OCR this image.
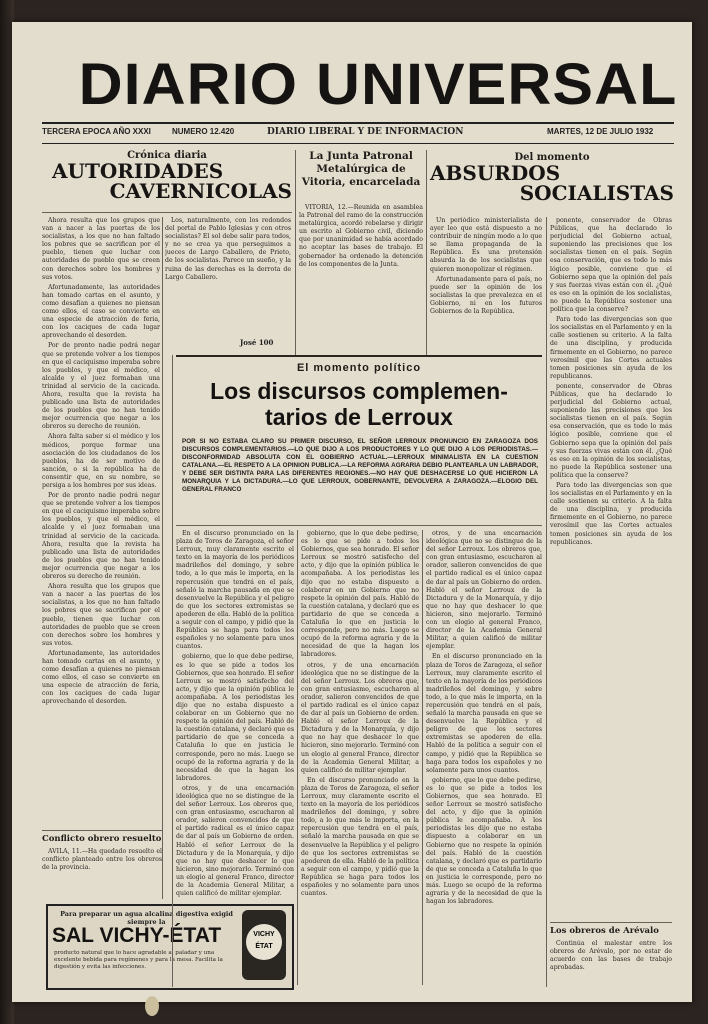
DIARIO UNIVERSAL
TERCERA EPOCA AÑO XXXI	NUMERO 12.420	DIARIO LIBERAL Y DE INFORMACION	MARTES, 12 DE JULIO 1932
Crónica diaria
AUTORIDADES
CAVERNICOLAS

Ahora resulta que los grupos que van a nacer a las puertas de los socialistas, a los que no han faltado los pobres que se sacrifican por el pueblo, tienen que luchar con autoridades de pueblo que se creen con derechos sobre los hombres y sus votos.

Afortunadamente, las autoridades han tomado cartas en el asunto, y como desafían a quienes no piensan como ellos, el caso se convierte en una especie de atracción de feria, con los caciques de cada lugar aprovechando el desorden.

Por de pronto nadie podrá negar que se pretende volver a los tiempos en que el caciquismo imperaba sobre los pueblos, y que el médico, el alcalde y el juez formaban una trinidad al servicio de la cacicada. Ahora, resulta que la revista ha publicado una lista de autoridades de los pueblos que no han tenido mejor ocurrencia que negar a los obreros su derecho de reunión.

Ahora falta saber si el médico y los médicos, porque formar una asociación de los ciudadanos de los pueblos, ha de ser motivo de sanción, o si la república ha de consentir que, en su nombre, se persiga a los hombres por sus ideas.

Por de pronto nadie podrá negar que se pretende volver a los tiempos en que el caciquismo imperaba sobre los pueblos, y que el médico, el alcalde y el juez formaban una trinidad al servicio de la cacicada. Ahora, resulta que la revista ha publicado una lista de autoridades de los pueblos que no han tenido mejor ocurrencia que negar a los obreros su derecho de reunión.

Ahora resulta que los grupos que van a nacer a las puertas de los socialistas, a los que no han faltado los pobres que se sacrifican por el pueblo, tienen que luchar con autoridades de pueblo que se creen con derechos sobre los hombres y sus votos.

Afortunadamente, las autoridades han tomado cartas en el asunto, y como desafían a quienes no piensan como ellos, el caso se convierte en una especie de atracción de feria, con los caciques de cada lugar aprovechando el desorden.

Los, naturalmente, con los redondos del portal de Pablo Iglesias y con otros socialistas? El sol debe salir para todos, y no se crea ya que perseguimos a jueces de Largo Caballero, de Prieto, de los socialistas. Parece un sueño, y la ruina de las derechas es la derrota de Largo Caballero.

José 100
Conflicto obrero resuelto

AVILA, 11.—Ha quedado resuelto el conflicto planteado entre los obreros de la provincia.

Para preparar un agua alcalina digestiva exigid siempre la
SAL VICHY-ÉTAT
producto natural que lo hace agradable al paladar y una excelente bebida para regímenes y para la mesa. Facilita la digestión y evita las infecciones.
VICHY
ÉTAT
La Junta Patronal Metalúrgica de Vitoria, encarcelada

VITORIA, 12.—Reunida en asamblea la Patronal del ramo de la construcción metalúrgica, acordó rebelarse y dirigir un escrito al Gobierno civil, diciendo que por unanimidad se había acordado no aceptar las bases de trabajo. El gobernador ha ordenado la detención de los componentes de la Junta.

Del momento
ABSURDOS
SOCIALISTAS

Un periódico ministerialista de ayer leo que está dispuesto a no contribuir de ningún modo a lo que se llama propaganda de la República. Es una pretensión absurda la de los socialistas que quieren monopolizar el régimen.

Afortunadamente para el país, no puede ser la opinión de los socialistas la que prevalezca en el Gobierno, ni en los futuros Gobiernos de la República.

ponente, conservador de Obras Públicas, que ha declarado lo perjudicial del Gobierno actual, suponiendo las precisiones que los socialistas tienen en el país. Según esa conservación, que es todo lo más lógico posible, conviene que el Gobierno sepa que la opinión del país y sus fuerzas vivas están con él. ¿Qué es eso en la opinión de los socialistas, no puede la República sostener una política que la conserve?

Para todo las divergencias son que los socialistas en el Parlamento y en la calle sostienen su criterio. A la falta de una disciplina, y producida firmemente en el Gobierno, no parece verosímil que las Cortes actuales tomen posiciones sin ayuda de los republicanos.

ponente, conservador de Obras Públicas, que ha declarado lo perjudicial del Gobierno actual, suponiendo las precisiones que los socialistas tienen en el país. Según esa conservación, que es todo lo más lógico posible, conviene que el Gobierno sepa que la opinión del país y sus fuerzas vivas están con él. ¿Qué es eso en la opinión de los socialistas, no puede la República sostener una política que la conserve?

Para todo las divergencias son que los socialistas en el Parlamento y en la calle sostienen su criterio. A la falta de una disciplina, y producida firmemente en el Gobierno, no parece verosímil que las Cortes actuales tomen posiciones sin ayuda de los republicanos.

Los obreros de Arévalo

Continúa el malestar entre los obreros de Arévalo, por no estar de acuerdo con las bases de trabajo aprobadas.

El momento político
Los discursos complemen-
tarios de Lerroux
POR SI NO ESTABA CLARO SU PRIMER DISCURSO, EL SEÑOR LERROUX PRONUNCIO EN ZARAGOZA DOS DISCURSOS COMPLEMENTARIOS.—LO QUE DIJO A LOS PRODUCTORES Y LO QUE DIJO A LOS PERIODISTAS.—DISCONFORMIDAD ABSOLUTA CON EL GOBIERNO ACTUAL.—LERROUX MINIMALISTA EN LA CUESTION CATALANA.—EL RESPETO A LA OPINION PUBLICA.—LA REFORMA AGRARIA DEBIO PLANTEARLA UN LABRADOR, Y DEBE SER DISTINTA PARA LAS DIFERENTES REGIONES.—NO HAY QUE DESHACERSE LO QUE HICIERON LA MONARQUIA Y LA DICTADURA.—LO QUE LERROUX, GOBERNANTE, DEVOLVERA A ZARAGOZA.—ELOGIO DEL GENERAL FRANCO

En el discurso pronunciado en la plaza de Toros de Zaragoza, el señor Lerroux, muy claramente escrito el texto en la mayoría de los periódicos madrileños del domingo, y sobre todo, a lo que más le importa, en la repercusión que tendrá en el país, señaló la marcha pausada en que se desenvuelve la República y el peligro de que los sectores extremistas se apoderen de ella. Habló de la política a seguir con el campo, y pidió que la República se haga para todos los españoles y no solamente para unos cuantos.

gobierno, que lo que debe pedirse, es lo que se pide a todos los Gobiernos, que sea honrado. El señor Lerroux se mostró satisfecho del acto, y dijo que la opinión pública le acompañaba. A los periodistas les dijo que no estaba dispuesto a colaborar en un Gobierno que no respete la opinión del país. Habló de la cuestión catalana, y declaró que es partidario de que se conceda a Cataluña lo que en justicia le corresponde, pero no más. Luego se ocupó de la reforma agraria y de la necesidad de que la hagan los labradores.

otros, y de una encarnación ideológica que no se distingue de la del señor Lerroux. Los obreros que, con gran entusiasmo, escucharon al orador, salieron convencidos de que el partido radical es el único capaz de dar al país un Gobierno de orden. Habló el señor Lerroux de la Dictadura y de la Monarquía, y dijo que no hay que deshacer lo que hicieron, sino mejorarlo. Terminó con un elogio al general Franco, director de la Academia General Militar, a quien calificó de militar ejemplar.

gobierno, que lo que debe pedirse, es lo que se pide a todos los Gobiernos, que sea honrado. El señor Lerroux se mostró satisfecho del acto, y dijo que la opinión pública le acompañaba. A los periodistas les dijo que no estaba dispuesto a colaborar en un Gobierno que no respete la opinión del país. Habló de la cuestión catalana, y declaró que es partidario de que se conceda a Cataluña lo que en justicia le corresponde, pero no más. Luego se ocupó de la reforma agraria y de la necesidad de que la hagan los labradores.

otros, y de una encarnación ideológica que no se distingue de la del señor Lerroux. Los obreros que, con gran entusiasmo, escucharon al orador, salieron convencidos de que el partido radical es el único capaz de dar al país un Gobierno de orden. Habló el señor Lerroux de la Dictadura y de la Monarquía, y dijo que no hay que deshacer lo que hicieron, sino mejorarlo. Terminó con un elogio al general Franco, director de la Academia General Militar, a quien calificó de militar ejemplar.

En el discurso pronunciado en la plaza de Toros de Zaragoza, el señor Lerroux, muy claramente escrito el texto en la mayoría de los periódicos madrileños del domingo, y sobre todo, a lo que más le importa, en la repercusión que tendrá en el país, señaló la marcha pausada en que se desenvuelve la República y el peligro de que los sectores extremistas se apoderen de ella. Habló de la política a seguir con el campo, y pidió que la República se haga para todos los españoles y no solamente para unos cuantos.

otros, y de una encarnación ideológica que no se distingue de la del señor Lerroux. Los obreros que, con gran entusiasmo, escucharon al orador, salieron convencidos de que el partido radical es el único capaz de dar al país un Gobierno de orden. Habló el señor Lerroux de la Dictadura y de la Monarquía, y dijo que no hay que deshacer lo que hicieron, sino mejorarlo. Terminó con un elogio al general Franco, director de la Academia General Militar, a quien calificó de militar ejemplar.

En el discurso pronunciado en la plaza de Toros de Zaragoza, el señor Lerroux, muy claramente escrito el texto en la mayoría de los periódicos madrileños del domingo, y sobre todo, a lo que más le importa, en la repercusión que tendrá en el país, señaló la marcha pausada en que se desenvuelve la República y el peligro de que los sectores extremistas se apoderen de ella. Habló de la política a seguir con el campo, y pidió que la República se haga para todos los españoles y no solamente para unos cuantos.

gobierno, que lo que debe pedirse, es lo que se pide a todos los Gobiernos, que sea honrado. El señor Lerroux se mostró satisfecho del acto, y dijo que la opinión pública le acompañaba. A los periodistas les dijo que no estaba dispuesto a colaborar en un Gobierno que no respete la opinión del país. Habló de la cuestión catalana, y declaró que es partidario de que se conceda a Cataluña lo que en justicia le corresponde, pero no más. Luego se ocupó de la reforma agraria y de la necesidad de que la hagan los labradores.
